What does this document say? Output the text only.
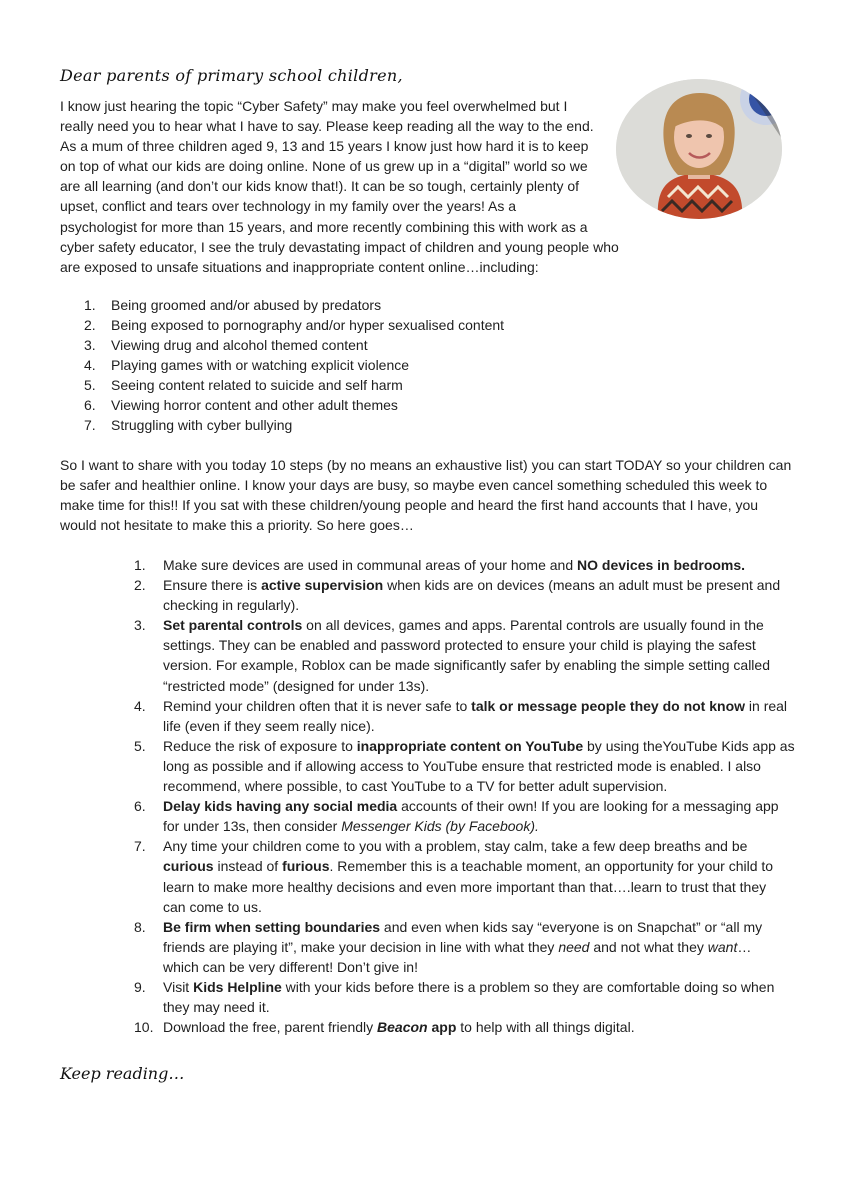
Dear parents of primary school children,
I know just hearing the topic “Cyber Safety” may make you feel overwhelmed but I
really need you to hear what I have to say. Please keep reading all the way to the end.
As a mum of three children aged 9, 13 and 15 years I know just how hard it is to keep
on top of what our kids are doing online. None of us grew up in a “digital” world so we
are all learning (and don’t our kids know that!). It can be so tough, certainly plenty of
upset, conflict and tears over technology in my family over the years! As a
psychologist for more than 15 years, and more recently combining this with work as a
cyber safety educator, I see the truly devastating impact of children and young people who
are exposed to unsafe situations and inappropriate content online…including:
1. Being groomed and/or abused by predators
2. Being exposed to pornography and/or hyper sexualised content
3. Viewing drug and alcohol themed content
4. Playing games with or watching explicit violence
5. Seeing content related to suicide and self harm
6. Viewing horror content and other adult themes
7. Struggling with cyber bullying
So I want to share with you today 10 steps (by no means an exhaustive list) you can start TODAY so your children can
be safer and healthier online. I know your days are busy, so maybe even cancel something scheduled this week to
make time for this!! If you sat with these children/young people and heard the first hand accounts that I have, you
would not hesitate to make this a priority. So here goes…
1. Make sure devices are used in communal areas of your home and NO devices in bedrooms.
2. Ensure there is active supervision when kids are on devices (means an adult must be present and
checking in regularly).
3. Set parental controls on all devices, games and apps. Parental controls are usually found in the
settings. They can be enabled and password protected to ensure your child is playing the safest
version. For example, Roblox can be made significantly safer by enabling the simple setting called
“restricted mode” (designed for under 13s).
4. Remind your children often that it is never safe to talk or message people they do not know in real
life (even if they seem really nice).
5. Reduce the risk of exposure to inappropriate content on YouTube by using theYouTube Kids app as
long as possible and if allowing access to YouTube ensure that restricted mode is enabled. I also
recommend, where possible, to cast YouTube to a TV for better adult supervision.
6. Delay kids having any social media accounts of their own! If you are looking for a messaging app
for under 13s, then consider Messenger Kids (by Facebook).
7. Any time your children come to you with a problem, stay calm, take a few deep breaths and be
curious instead of furious. Remember this is a teachable moment, an opportunity for your child to
learn to make more healthy decisions and even more important than that….learn to trust that they
can come to us.
8. Be firm when setting boundaries and even when kids say “everyone is on Snapchat” or “all my
friends are playing it”, make your decision in line with what they need and not what they want…
which can be very different! Don’t give in!
9. Visit Kids Helpline with your kids before there is a problem so they are comfortable doing so when
they may need it.
10. Download the free, parent friendly Beacon app to help with all things digital.
Keep reading…
